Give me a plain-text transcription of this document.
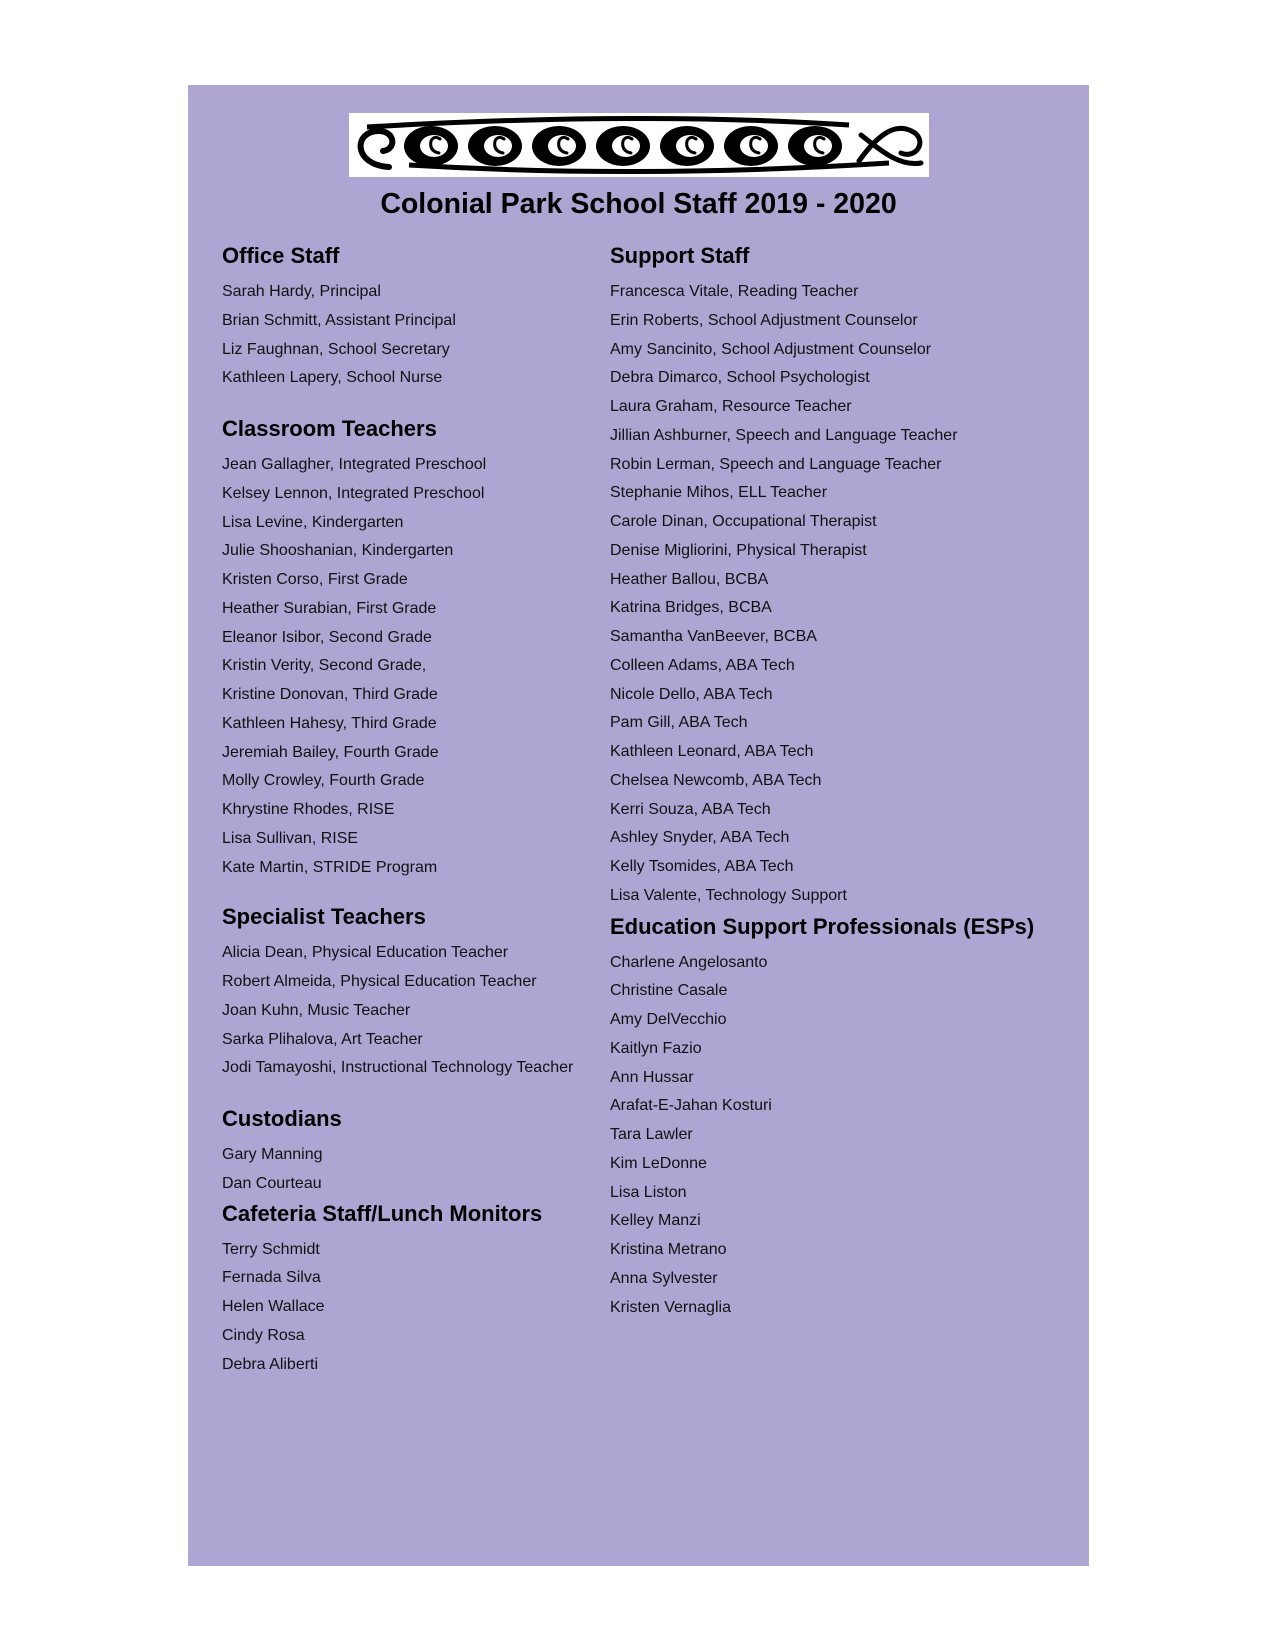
Colonial Park School Staff 2019 - 2020
Office Staff
Sarah Hardy, Principal
Brian Schmitt, Assistant Principal
Liz Faughnan, School Secretary
Kathleen Lapery, School Nurse
Classroom Teachers
Jean Gallagher, Integrated Preschool
Kelsey Lennon, Integrated Preschool
Lisa Levine, Kindergarten
Julie Shooshanian, Kindergarten
Kristen Corso, First Grade
Heather Surabian, First Grade
Eleanor Isibor, Second Grade
Kristin Verity, Second Grade,
Kristine Donovan, Third Grade
Kathleen Hahesy, Third Grade
Jeremiah Bailey, Fourth Grade
Molly Crowley, Fourth Grade
Khrystine Rhodes, RISE
Lisa Sullivan, RISE
Kate Martin, STRIDE Program
Specialist Teachers
Alicia Dean, Physical Education Teacher
Robert Almeida, Physical Education Teacher
Joan Kuhn, Music Teacher
Sarka Plihalova, Art Teacher
Jodi Tamayoshi, Instructional Technology Teacher
Custodians
Gary Manning
Dan Courteau
Cafeteria Staff/Lunch Monitors
Terry Schmidt
Fernada Silva
Helen Wallace
Cindy Rosa
Debra Aliberti
Support Staff
Francesca Vitale, Reading Teacher
Erin Roberts, School Adjustment Counselor
Amy Sancinito, School Adjustment Counselor
Debra Dimarco, School Psychologist
Laura Graham, Resource Teacher
Jillian Ashburner, Speech and Language Teacher
Robin Lerman, Speech and Language Teacher
Stephanie Mihos, ELL Teacher
Carole Dinan, Occupational Therapist
Denise Migliorini, Physical Therapist
Heather Ballou, BCBA
Katrina Bridges, BCBA
Samantha VanBeever, BCBA
Colleen Adams, ABA Tech
Nicole Dello, ABA Tech
Pam Gill, ABA Tech
Kathleen Leonard, ABA Tech
Chelsea Newcomb, ABA Tech
Kerri Souza, ABA Tech
Ashley Snyder, ABA Tech
Kelly Tsomides, ABA Tech
Lisa Valente, Technology Support
Education Support Professionals (ESPs)
Charlene Angelosanto
Christine Casale
Amy DelVecchio
Kaitlyn Fazio
Ann Hussar
Arafat-E-Jahan Kosturi
Tara Lawler
Kim LeDonne
Lisa Liston
Kelley Manzi
Kristina Metrano
Anna Sylvester
Kristen Vernaglia
